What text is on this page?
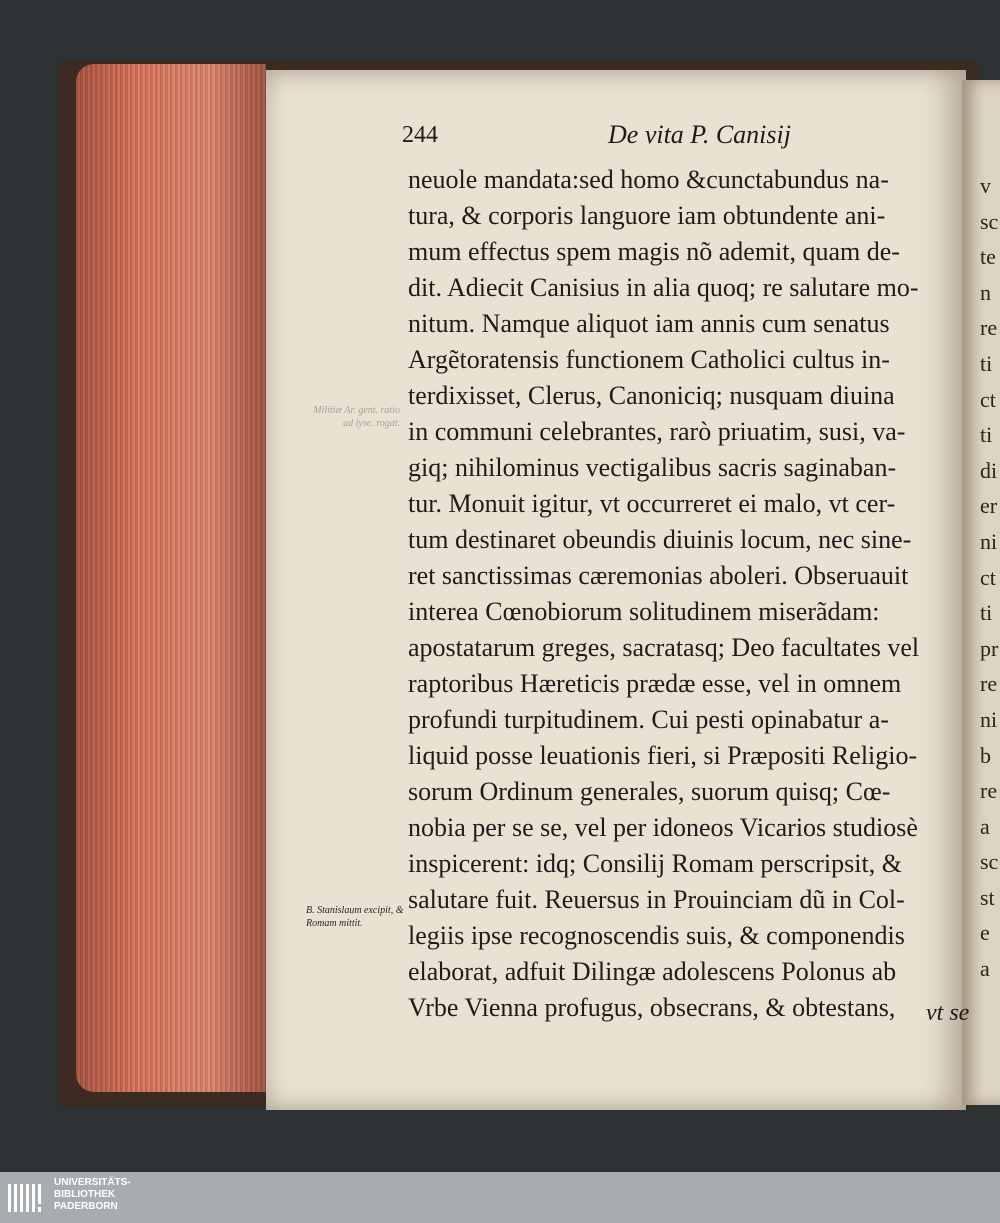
v
sc
te
n
re
ti
ct
ti
di
er
ni
ct
ti
pr
re
ni
b
re
a
sc
st
e
a
244	De vita P. Canisij
neuole mandata:sed homo &cunctabundus na-
tura, & corporis languore iam obtundente ani-
mum effectus spem magis nõ ademit, quam de-
dit. Adiecit Canisius in alia quoq; re salutare mo-
nitum. Namque aliquot iam annis cum senatus
Argẽtoratensis functionem Catholici cultus in-
terdixisset, Clerus, Canoniciq; nusquam diuina
in communi celebrantes, rarò priuatim, susi, va-
giq; nihilominus vectigalibus sacris saginaban-
tur. Monuit igitur, vt occurreret ei malo, vt cer-
tum destinaret obeundis diuinis locum, nec sine-
ret sanctissimas cæremonias aboleri. Obseruauit
interea Cœnobiorum solitudinem miserãdam:
apostatarum greges, sacratasq; Deo facultates vel
raptoribus Hæreticis prædæ esse, vel in omnem
profundi turpitudinem. Cui pesti opinabatur a-
liquid posse leuationis fieri, si Præpositi Religio-
sorum Ordinum generales, suorum quisq; Cœ-
nobia per se se, vel per idoneos Vicarios studiosè
inspicerent: idq; Consilij Romam perscripsit, &
salutare fuit. Reuersus in Prouinciam dũ in Col-
legiis ipse recognoscendis suis, & componendis
elaborat, adfuit Dilingæ adolescens Polonus ab
Vrbe Vienna profugus, obsecrans, & obtestans,
Militiæ Ar. gent. ratio ad lyse. rogat.
B. Stanislaum excipit, & Romam mittit.
vt se
UNIVERSITÄTS-
BIBLIOTHEK
PADERBORN
